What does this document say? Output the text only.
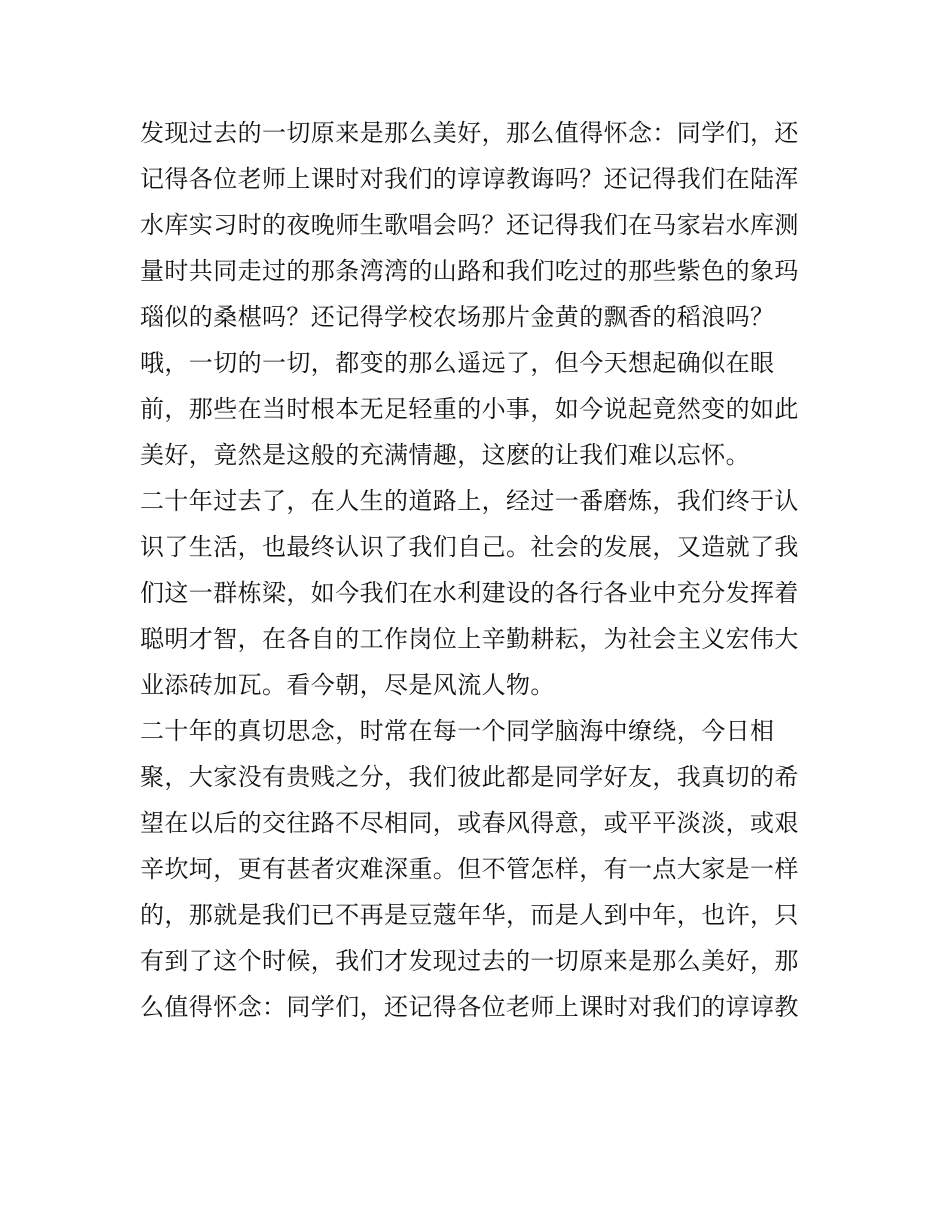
发现过去的一切原来是那么美好，那么值得怀念：同学们，还
记得各位老师上课时对我们的谆谆教诲吗？还记得我们在陆浑
水库实习时的夜晚师生歌唱会吗？还记得我们在马家岩水库测
量时共同走过的那条湾湾的山路和我们吃过的那些紫色的象玛
瑙似的桑椹吗？还记得学校农场那片金黄的飘香的稻浪吗？
哦，一切的一切，都变的那么遥远了，但今天想起确似在眼
前，那些在当时根本无足轻重的小事，如今说起竟然变的如此
美好，竟然是这般的充满情趣，这麽的让我们难以忘怀。
二十年过去了，在人生的道路上，经过一番磨炼，我们终于认
识了生活，也最终认识了我们自己。社会的发展，又造就了我
们这一群栋梁，如今我们在水利建设的各行各业中充分发挥着
聪明才智，在各自的工作岗位上辛勤耕耘，为社会主义宏伟大
业添砖加瓦。看今朝，尽是风流人物。
二十年的真切思念，时常在每一个同学脑海中缭绕，今日相
聚，大家没有贵贱之分，我们彼此都是同学好友，我真切的希
望在以后的交往路不尽相同，或春风得意，或平平淡淡，或艰
辛坎坷，更有甚者灾难深重。但不管怎样，有一点大家是一样
的，那就是我们已不再是豆蔻年华，而是人到中年，也许，只
有到了这个时候，我们才发现过去的一切原来是那么美好，那
么值得怀念：同学们，还记得各位老师上课时对我们的谆谆教
